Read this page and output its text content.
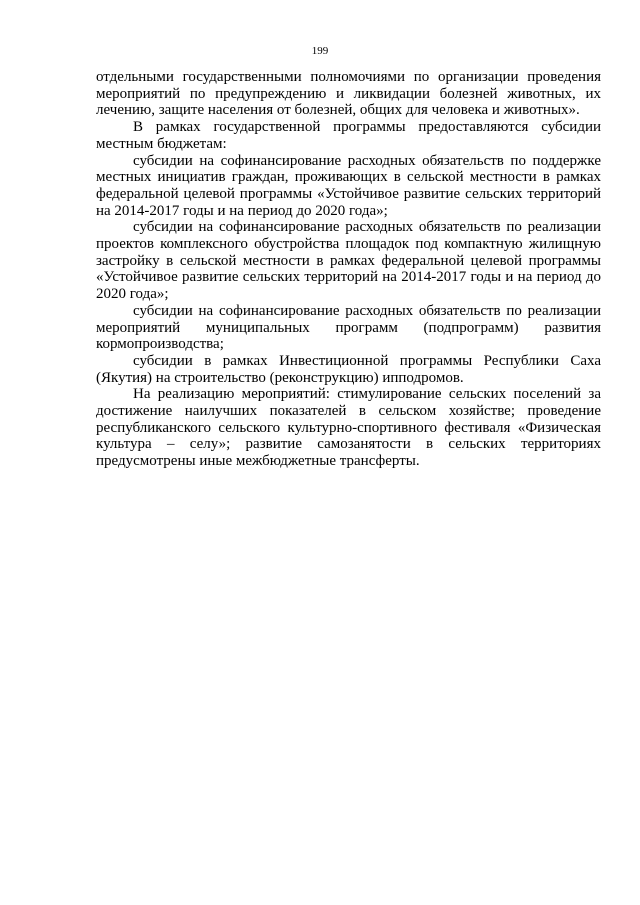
199

отдельными государственными полномочиями по организации проведения мероприятий по предупреждению и ликвидации болезней животных, их лечению, защите населения от болезней, общих для человека и животных».

В рамках государственной программы предоставляются субсидии местным бюджетам:

субсидии на софинансирование расходных обязательств по поддержке местных инициатив граждан, проживающих в сельской местности в рамках федеральной целевой программы «Устойчивое развитие сельских территорий на 2014-2017 годы и на период до 2020 года»;

субсидии на софинансирование расходных обязательств по реализации проектов комплексного обустройства площадок под компактную жилищную застройку в сельской местности в рамках федеральной целевой программы «Устойчивое развитие сельских территорий на 2014-2017 годы и на период до 2020 года»;

субсидии на софинансирование расходных обязательств по реализации мероприятий муниципальных программ (подпрограмм) развития кормопроизводства;

субсидии в рамках Инвестиционной программы Республики Саха (Якутия) на строительство (реконструкцию) ипподромов.

На реализацию мероприятий: стимулирование сельских поселений за достижение наилучших показателей в сельском хозяйстве; проведение республиканского сельского культурно-спортивного фестиваля «Физическая культура – селу»; развитие самозанятости в сельских территориях предусмотрены иные межбюджетные трансферты.
